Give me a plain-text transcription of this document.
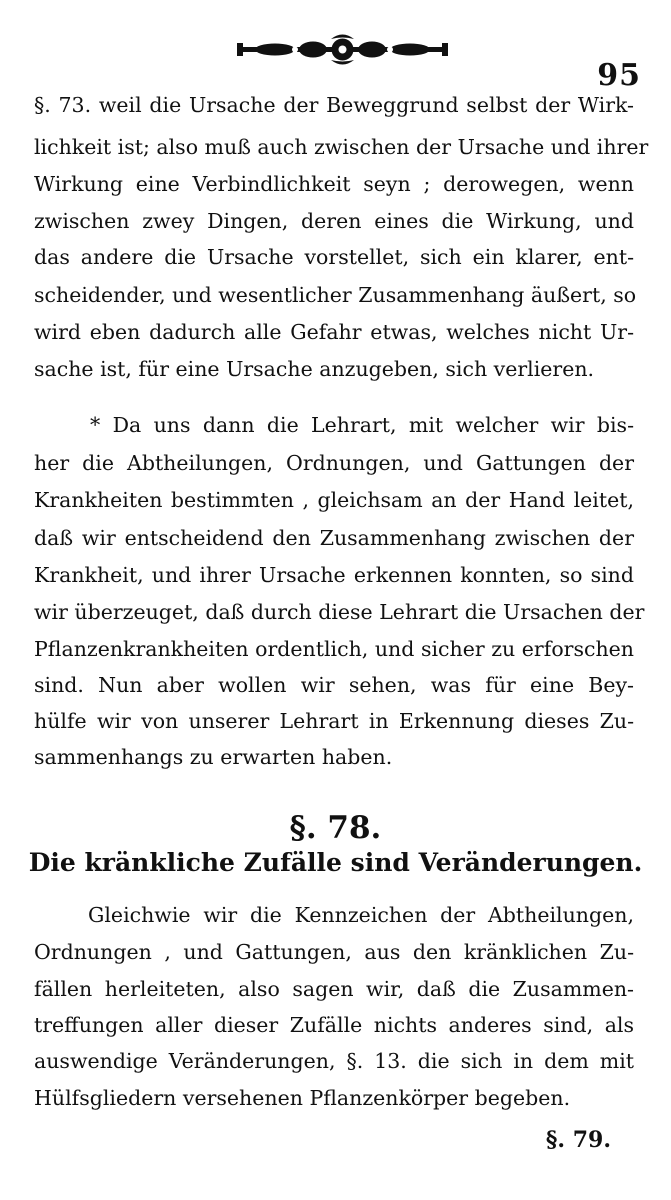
95
§. 73. weil die Ursache der Beweggrund selbst der Wirk-
lichkeit ist; also muß auch zwischen der Ursache und ihrer
Wirkung eine Verbindlichkeit seyn ; derowegen, wenn
zwischen zwey Dingen, deren eines die Wirkung, und
das andere die Ursache vorstellet, sich ein klarer, ent-
scheidender, und wesentlicher Zusammenhang äußert, so
wird eben dadurch alle Gefahr etwas, welches nicht Ur-
sache ist, für eine Ursache anzugeben, sich verlieren.
* Da uns dann die Lehrart, mit welcher wir bis-
her die Abtheilungen, Ordnungen, und Gattungen der
Krankheiten bestimmten , gleichsam an der Hand leitet,
daß wir entscheidend den Zusammenhang zwischen der
Krankheit, und ihrer Ursache erkennen konnten, so sind
wir überzeuget, daß durch diese Lehrart die Ursachen der
Pflanzenkrankheiten ordentlich, und sicher zu erforschen
sind. Nun aber wollen wir sehen, was für eine Bey-
hülfe wir von unserer Lehrart in Erkennung dieses Zu-
sammenhangs zu erwarten haben.
§. 78.
Die kränkliche Zufälle sind Veränderungen.
Gleichwie wir die Kennzeichen der Abtheilungen,
Ordnungen , und Gattungen, aus den kränklichen Zu-
fällen herleiteten, also sagen wir, daß die Zusammen-
treffungen aller dieser Zufälle nichts anderes sind, als
auswendige Veränderungen, §. 13. die sich in dem mit
Hülfsgliedern versehenen Pflanzenkörper begeben.
§. 79.
